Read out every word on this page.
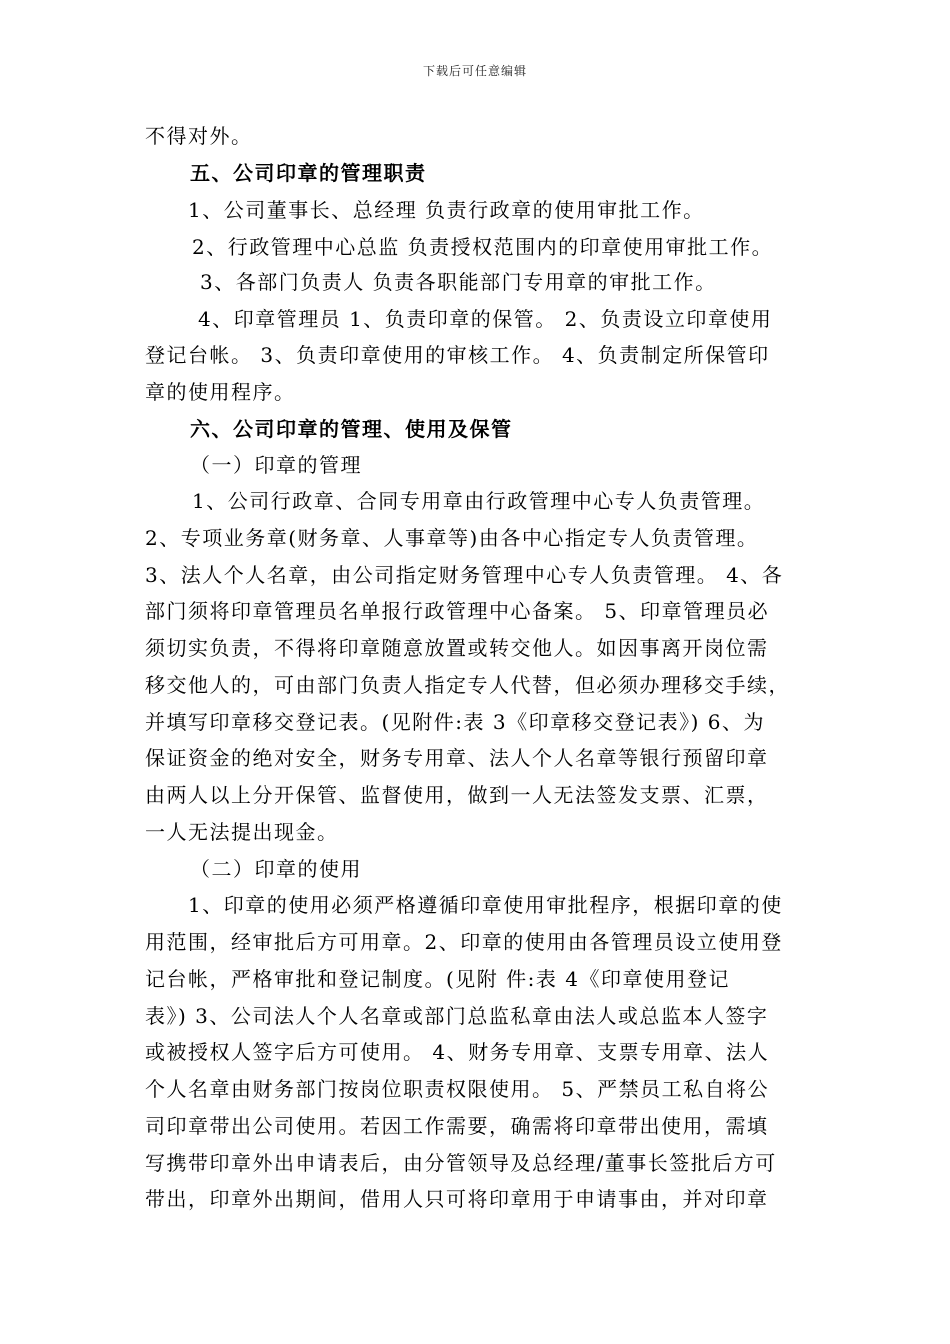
下载后可任意编辑
不得对外。
五、公司印章的管理职责
1、公司董事长、总经理 负责行政章的使用审批工作。
2、行政管理中心总监 负责授权范围内的印章使用审批工作。
3、各部门负责人 负责各职能部门专用章的审批工作。
4、印章管理员 1、负责印章的保管。 2、负责设立印章使用
登记台帐。 3、负责印章使用的审核工作。 4、负责制定所保管印
章的使用程序。
六、公司印章的管理、使用及保管
（一）印章的管理
1、公司行政章、合同专用章由行政管理中心专人负责管理。
2、专项业务章(财务章、人事章等)由各中心指定专人负责管理。
3、法人个人名章，由公司指定财务管理中心专人负责管理。 4、各
部门须将印章管理员名单报行政管理中心备案。 5、印章管理员必
须切实负责，不得将印章随意放置或转交他人。如因事离开岗位需
移交他人的，可由部门负责人指定专人代替，但必须办理移交手续，
并填写印章移交登记表。(见附件:表 3《印章移交登记表》) 6、为
保证资金的绝对安全，财务专用章、法人个人名章等银行预留印章
由两人以上分开保管、监督使用，做到一人无法签发支票、汇票，
一人无法提出现金。
（二）印章的使用
1、印章的使用必须严格遵循印章使用审批程序，根据印章的使
用范围，经审批后方可用章。2、印章的使用由各管理员设立使用登
记台帐，严格审批和登记制度。(见附 件:表 4《印章使用登记
表》) 3、公司法人个人名章或部门总监私章由法人或总监本人签字
或被授权人签字后方可使用。 4、财务专用章、支票专用章、法人
个人名章由财务部门按岗位职责权限使用。 5、严禁员工私自将公
司印章带出公司使用。若因工作需要，确需将印章带出使用，需填
写携带印章外出申请表后，由分管领导及总经理/董事长签批后方可
带出，印章外出期间，借用人只可将印章用于申请事由，并对印章
